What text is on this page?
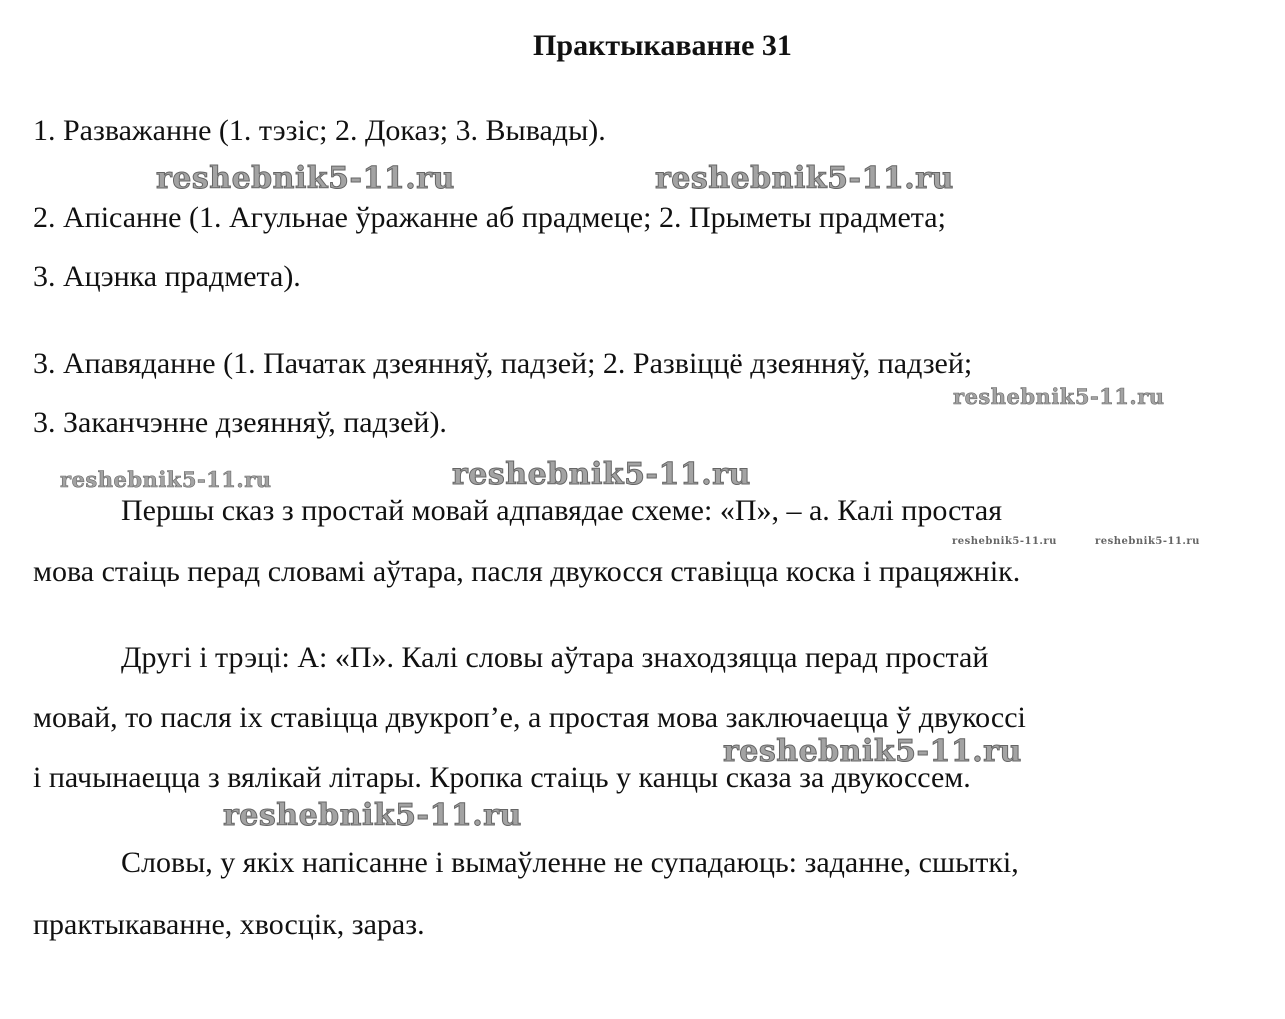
Практыкаванне 31
1. Разважанне (1. тэзіс; 2. Доказ; 3. Вывады).
2. Апісанне (1. Агульнае ўражанне аб прадмеце; 2. Прыметы прадмета;
3. Ацэнка прадмета).
3. Апавяданне (1. Пачатак дзеянняў, падзей; 2. Развіццё дзеянняў, падзей;
3. Заканчэнне дзеянняў, падзей).
Першы сказ з простай мовай адпавядае схеме: «П», – а. Калі простая
мова стаіць перад словамі аўтара, пасля двукосся ставіцца коска і працяжнік.
Другі і трэці: А: «П». Калі словы аўтара знаходзяцца перад простай
мовай, то пасля іх ставіцца двукроп’е, а простая мова заключаецца ў двукоссі
і пачынаецца з вялікай літары. Кропка стаіць у канцы сказа за двукоссем.
Словы, у якіх напісанне і вымаўленне не супадаюць: заданне, сшыткі,
практыкаванне, хвосцік, зараз.
reshebnik5-11.ru	reshebnik5-11.ru
reshebnik5-11.ru
reshebnik5-11.ru	reshebnik5-11.ru
reshebnik5-11.ru	reshebnik5-11.ru
reshebnik5-11.ru
reshebnik5-11.ru
